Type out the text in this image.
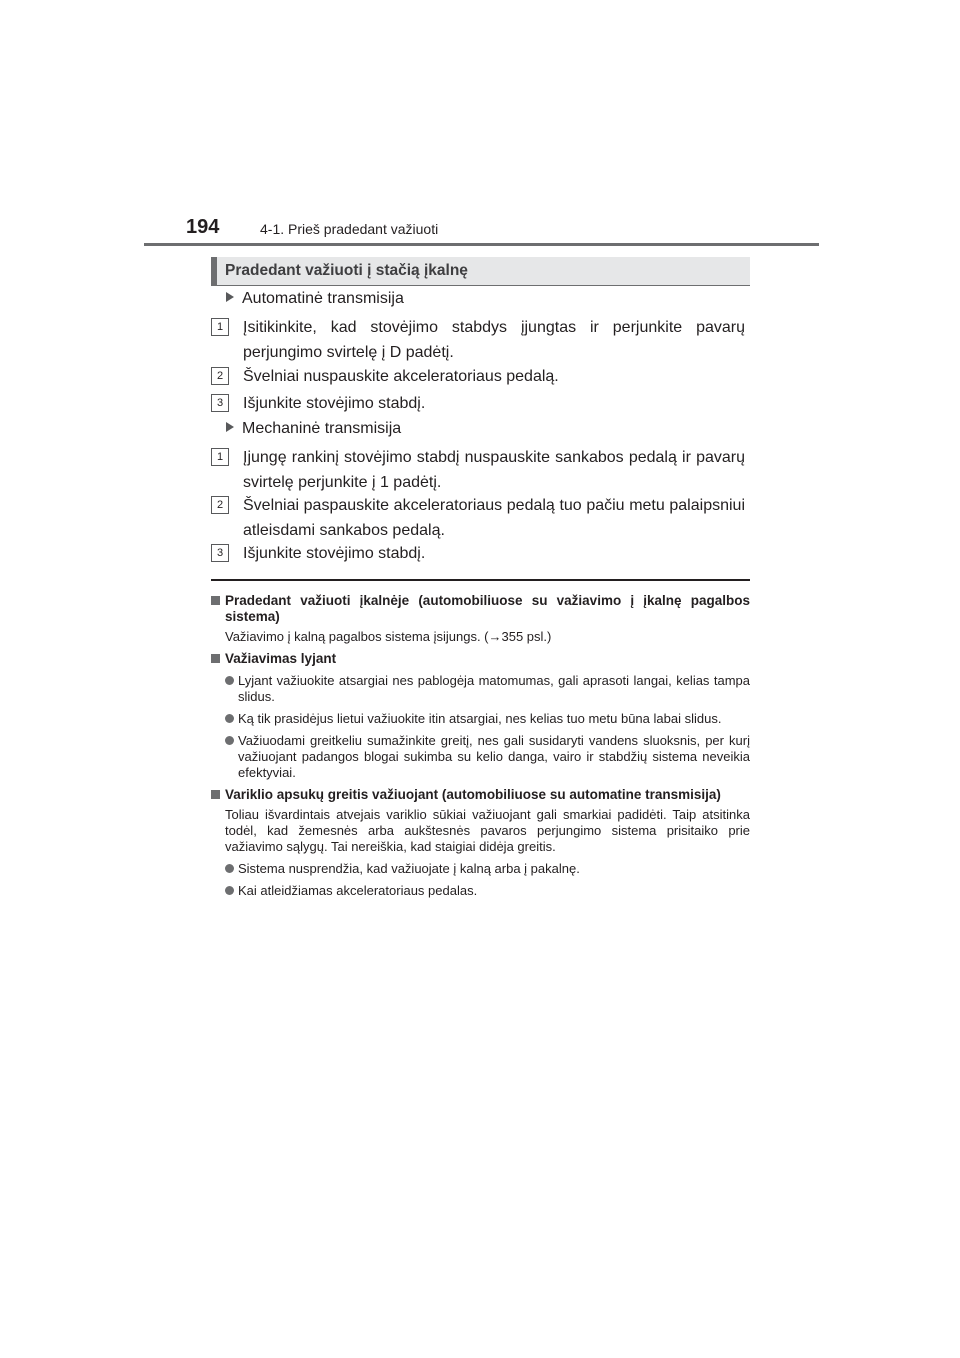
194	4-1. Prieš pradedant važiuoti
Pradedant važiuoti į stačią įkalnę
Automatinė transmisija
1	Įsitikinkite, kad stovėjimo stabdys įjungtas ir perjunkite pavarų perjungimo svirtelę į D padėtį.
2	Švelniai nuspauskite akceleratoriaus pedalą.
3	Išjunkite stovėjimo stabdį.
Mechaninė transmisija
1	Įjungę rankinį stovėjimo stabdį nuspauskite sankabos pedalą ir pavarų svirtelę perjunkite į 1 padėtį.
2	Švelniai paspauskite akceleratoriaus pedalą tuo pačiu metu palaipsniui atleisdami sankabos pedalą.
3	Išjunkite stovėjimo stabdį.
Pradedant važiuoti įkalnėje (automobiliuose su važiavimo į įkalnę pagalbos sistema)
Važiavimo į kalną pagalbos sistema įsijungs. (→355 psl.)
Važiavimas lyjant
Lyjant važiuokite atsargiai nes pablogėja matomumas, gali aprasoti langai, kelias tampa slidus.
Ką tik prasidėjus lietui važiuokite itin atsargiai, nes kelias tuo metu būna labai slidus.
Važiuodami greitkeliu sumažinkite greitį, nes gali susidaryti vandens sluoksnis, per kurį važiuojant padangos blogai sukimba su kelio danga, vairo ir stabdžių sistema neveikia efektyviai.
Variklio apsukų greitis važiuojant (automobiliuose su automatine transmisija)
Toliau išvardintais atvejais variklio sūkiai važiuojant gali smarkiai padidėti. Taip atsitinka todėl, kad žemesnės arba aukštesnės pavaros perjungimo sistema prisitaiko prie važiavimo sąlygų. Tai nereiškia, kad staigiai didėja greitis.
Sistema nusprendžia, kad važiuojate į kalną arba į pakalnę.
Kai atleidžiamas akceleratoriaus pedalas.
